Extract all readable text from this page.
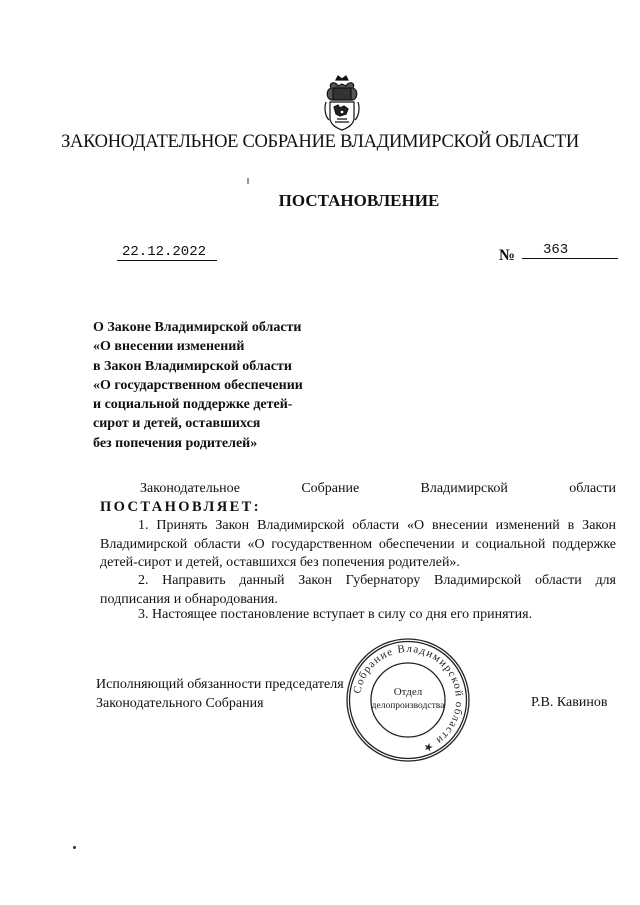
ЗАКОНОДАТЕЛЬНОЕ СОБРАНИЕ ВЛАДИМИРСКОЙ ОБЛАСТИ
ПОСТАНОВЛЕНИЕ
22.12.2022	№	363
О Законе Владимирской области
«О внесении изменений
в Закон Владимирской области
«О государственном обеспечении
и социальной поддержке детей-
сирот и детей, оставшихся
без попечения родителей»
Законодательное	Собрание	Владимирской	области
ПОСТАНОВЛЯЕТ:
1. Принять Закон Владимирской области «О внесении изменений в Закон
Владимирской области «О государственном обеспечении и социальной поддержке детей-сирот и детей, оставшихся без попечения родителей».
2. Направить данный Закон Губернатору Владимирской области для
подписания и обнародования.
3. Настоящее постановление вступает в силу со дня его принятия.
Исполняющий обязанности председателя
Законодательного Собрания	Р.В. Кавинов
Собрание Владимирской области ★
Отдел
делопроизводства
